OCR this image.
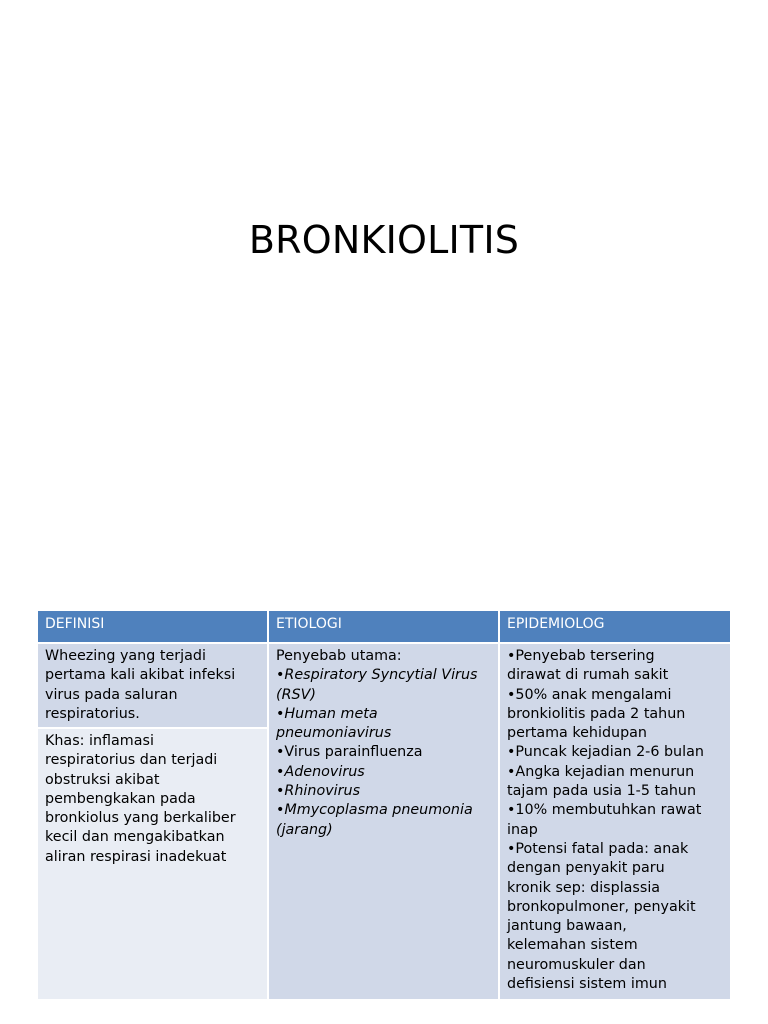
BRONKIOLITIS
DEFINISI	ETIOLOGI	EPIDEMIOLOG
Wheezing yang terjadi
pertama kali akibat infeksi
virus pada saluran
respiratorius.
Khas: inflamasi
respiratorius dan terjadi
obstruksi akibat
pembengkakan pada
bronkiolus yang berkaliber
kecil dan mengakibatkan
aliran respirasi inadekuat
Penyebab utama:
•Respiratory Syncytial Virus
(RSV)
•Human meta
pneumoniavirus
•Virus parainfluenza
•Adenovirus
•Rhinovirus
•Mmycoplasma pneumonia
(jarang)
•Penyebab tersering
dirawat di rumah sakit
•50% anak mengalami
bronkiolitis pada 2 tahun
pertama kehidupan
•Puncak kejadian 2-6 bulan
•Angka kejadian menurun
tajam pada usia 1-5 tahun
•10% membutuhkan rawat
inap
•Potensi fatal pada: anak
dengan penyakit paru
kronik sep: displassia
bronkopulmoner, penyakit
jantung bawaan,
kelemahan sistem
neuromuskuler dan
defisiensi sistem imun
